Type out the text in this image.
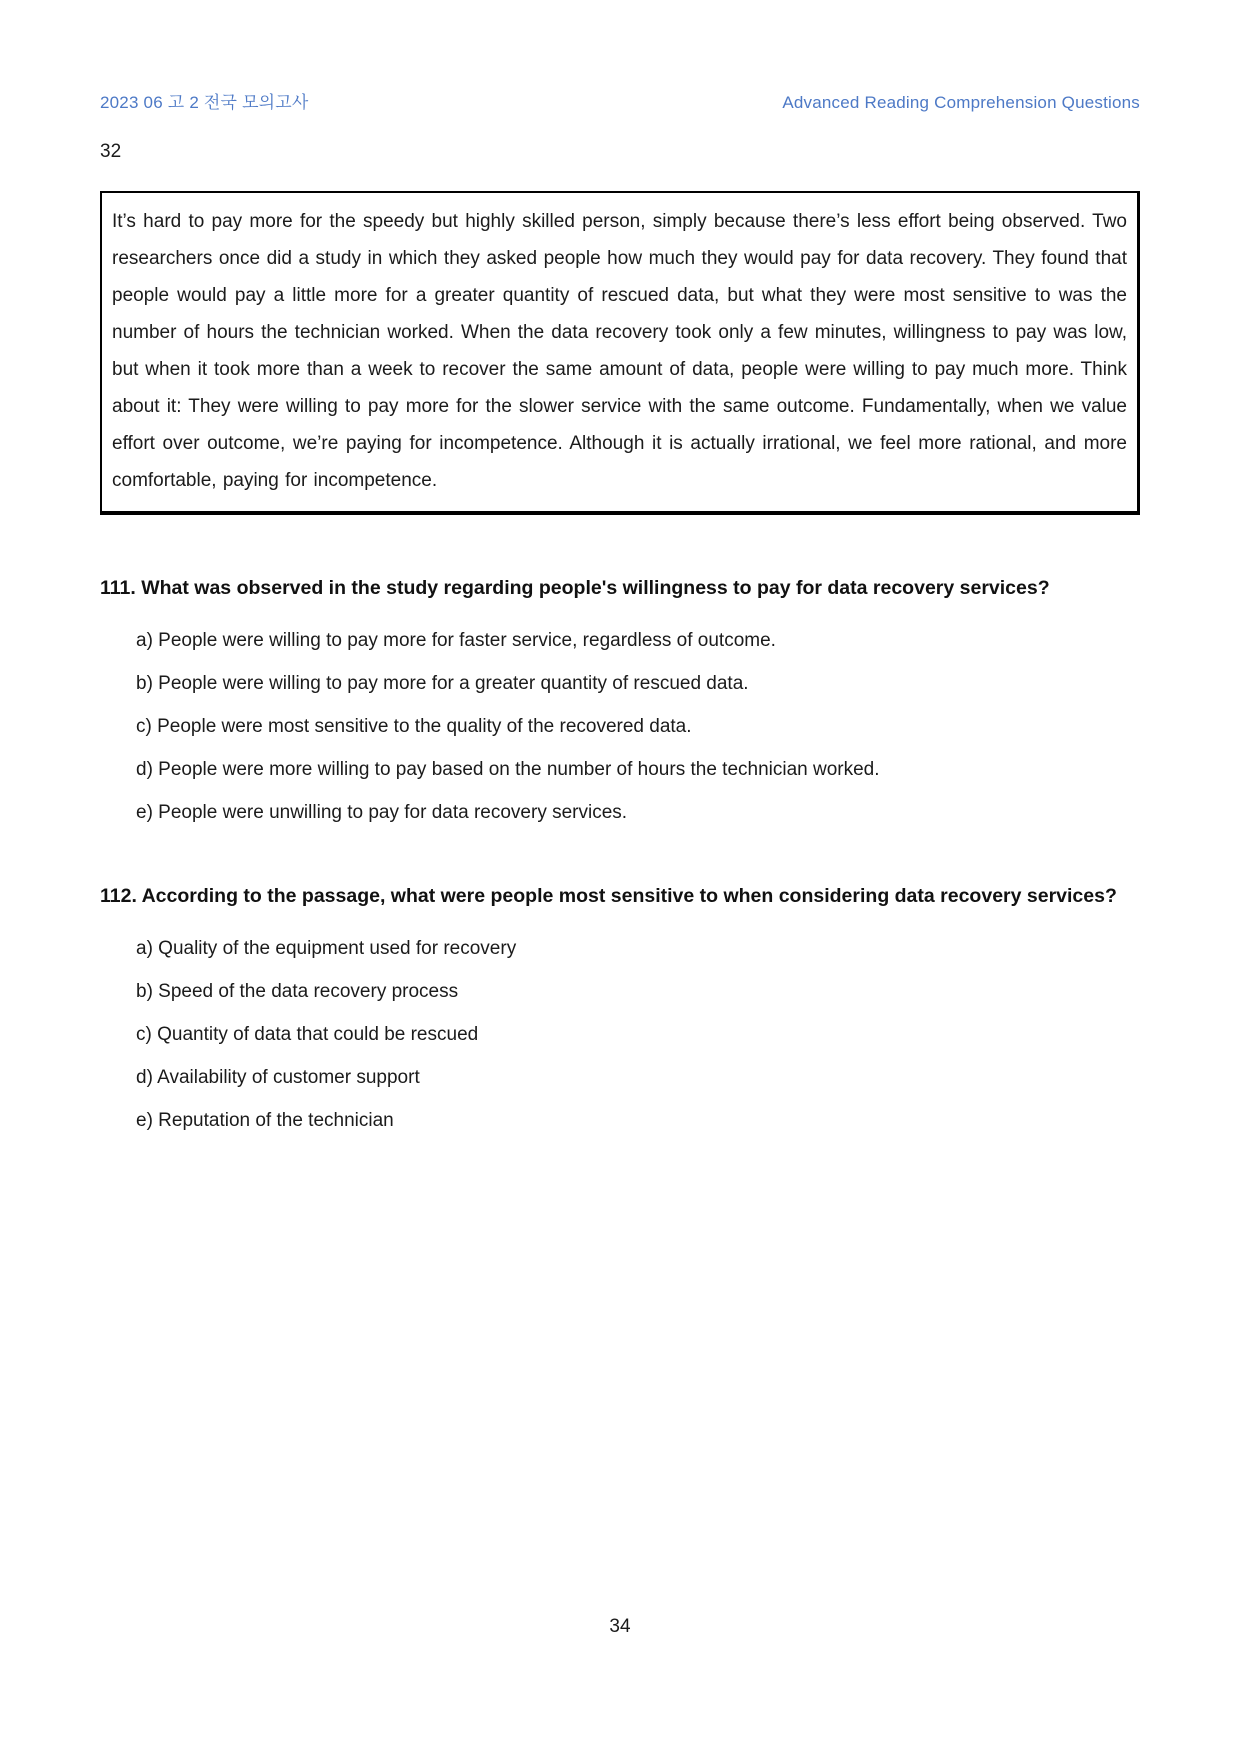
2023 06 고 2 전국 모의고사	Advanced Reading Comprehension Questions
32

It’s hard to pay more for the speedy but highly skilled person, simply because there’s less effort being observed. Two researchers once did a study in which they asked people how much they would pay for data recovery. They found that people would pay a little more for a greater quantity of rescued data, but what they were most sensitive to was the number of hours the technician worked. When the data recovery took only a few minutes, willingness to pay was low, but when it took more than a week to recover the same amount of data, people were willing to pay much more. Think about it: They were willing to pay more for the slower service with the same outcome. Fundamentally, when we value effort over outcome, we’re paying for incompetence. Although it is actually irrational, we feel more rational, and more comfortable, paying for incompetence.

111. What was observed in the study regarding people's willingness to pay for data recovery services?

a) People were willing to pay more for faster service, regardless of outcome.

b) People were willing to pay more for a greater quantity of rescued data.

c) People were most sensitive to the quality of the recovered data.

d) People were more willing to pay based on the number of hours the technician worked.

e) People were unwilling to pay for data recovery services.

112. According to the passage, what were people most sensitive to when considering data recovery services?

a) Quality of the equipment used for recovery

b) Speed of the data recovery process

c) Quantity of data that could be rescued

d) Availability of customer support

e) Reputation of the technician

34
